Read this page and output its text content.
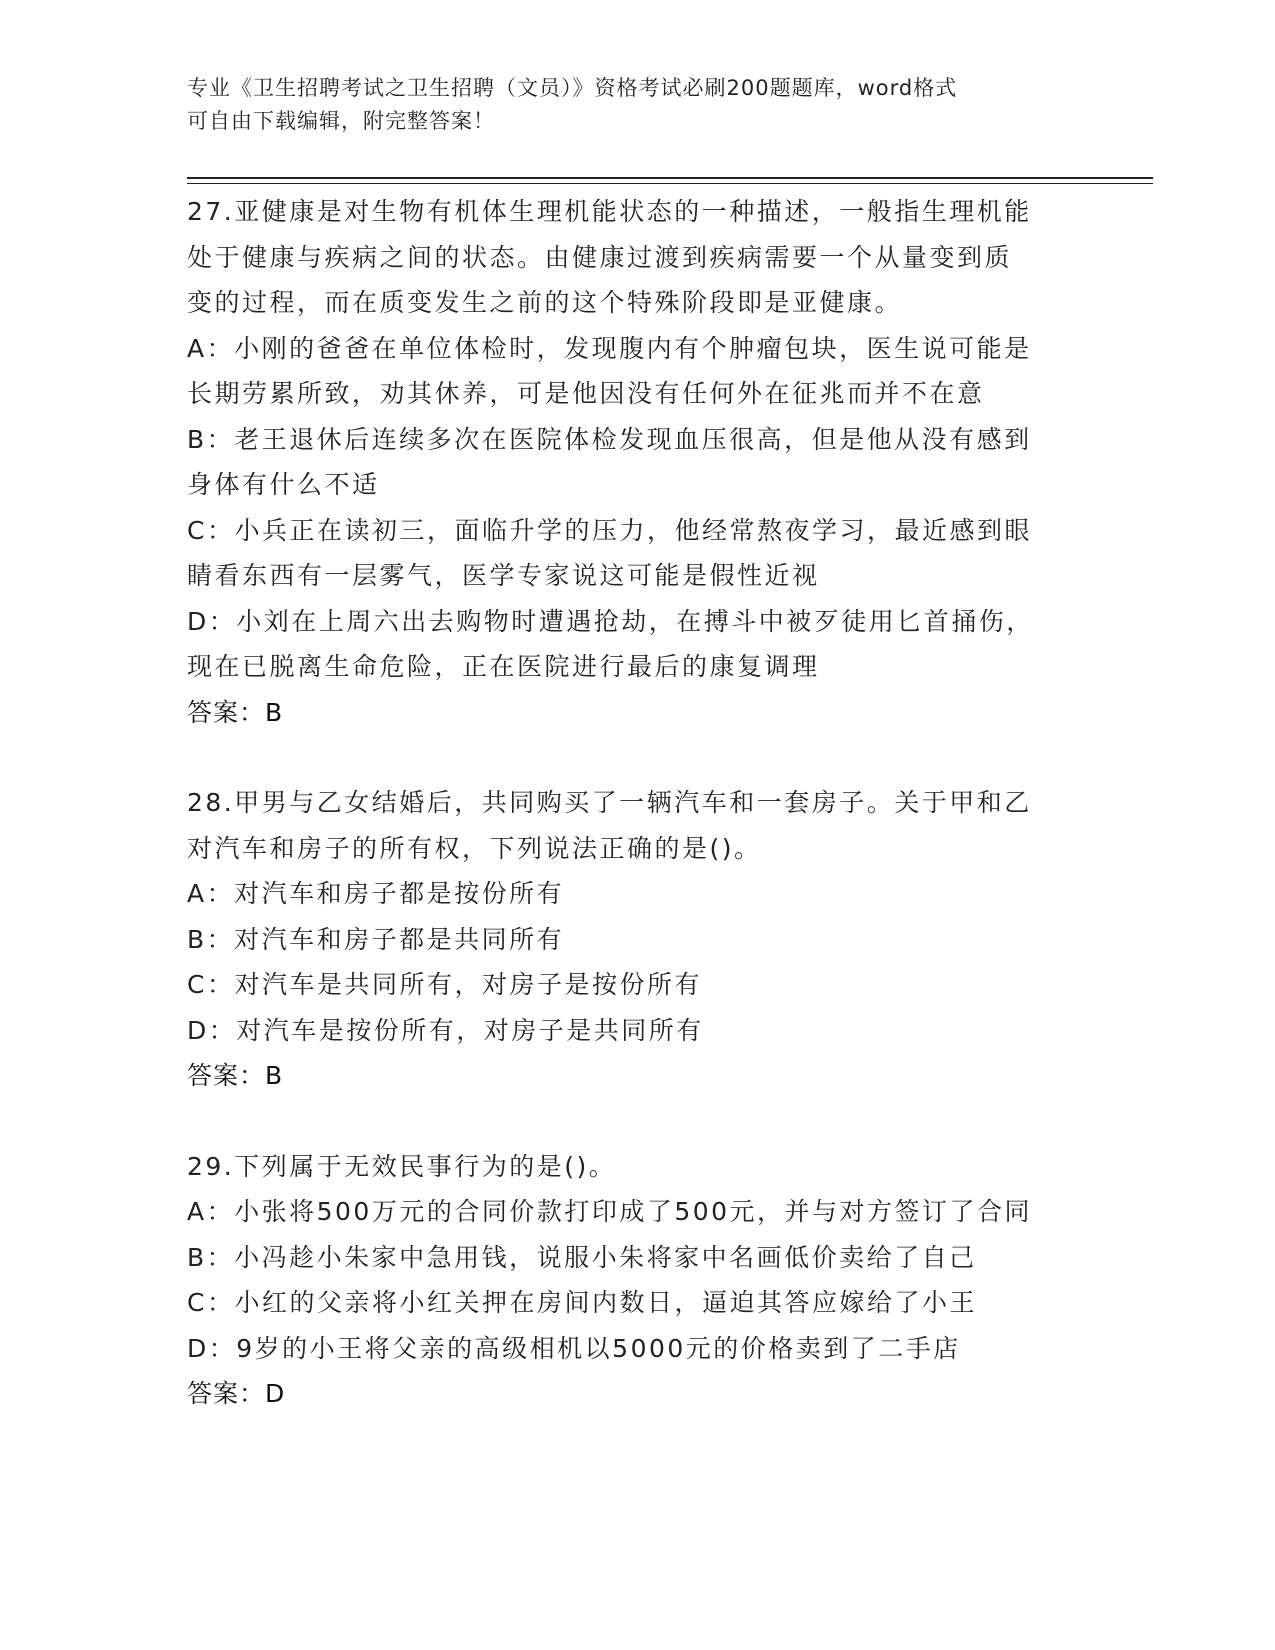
专业《卫生招聘考试之卫生招聘（文员）》资格考试必刷200题题库，word格式
可自由下载编辑，附完整答案！
27.亚健康是对生物有机体生理机能状态的一种描述，一般指生理机能
处于健康与疾病之间的状态。由健康过渡到疾病需要一个从量变到质
变的过程，而在质变发生之前的这个特殊阶段即是亚健康。
A：小刚的爸爸在单位体检时，发现腹内有个肿瘤包块，医生说可能是
长期劳累所致，劝其休养，可是他因没有任何外在征兆而并不在意
B：老王退休后连续多次在医院体检发现血压很高，但是他从没有感到
身体有什么不适
C：小兵正在读初三，面临升学的压力，他经常熬夜学习，最近感到眼
睛看东西有一层雾气，医学专家说这可能是假性近视
D：小刘在上周六出去购物时遭遇抢劫，在搏斗中被歹徒用匕首捅伤，
现在已脱离生命危险，正在医院进行最后的康复调理
答案：B
28.甲男与乙女结婚后，共同购买了一辆汽车和一套房子。关于甲和乙
对汽车和房子的所有权，下列说法正确的是()。
A：对汽车和房子都是按份所有
B：对汽车和房子都是共同所有
C：对汽车是共同所有，对房子是按份所有
D：对汽车是按份所有，对房子是共同所有
答案：B
29.下列属于无效民事行为的是()。
A：小张将500万元的合同价款打印成了500元，并与对方签订了合同
B：小冯趁小朱家中急用钱，说服小朱将家中名画低价卖给了自己
C：小红的父亲将小红关押在房间内数日，逼迫其答应嫁给了小王
D：9岁的小王将父亲的高级相机以5000元的价格卖到了二手店
答案：D
